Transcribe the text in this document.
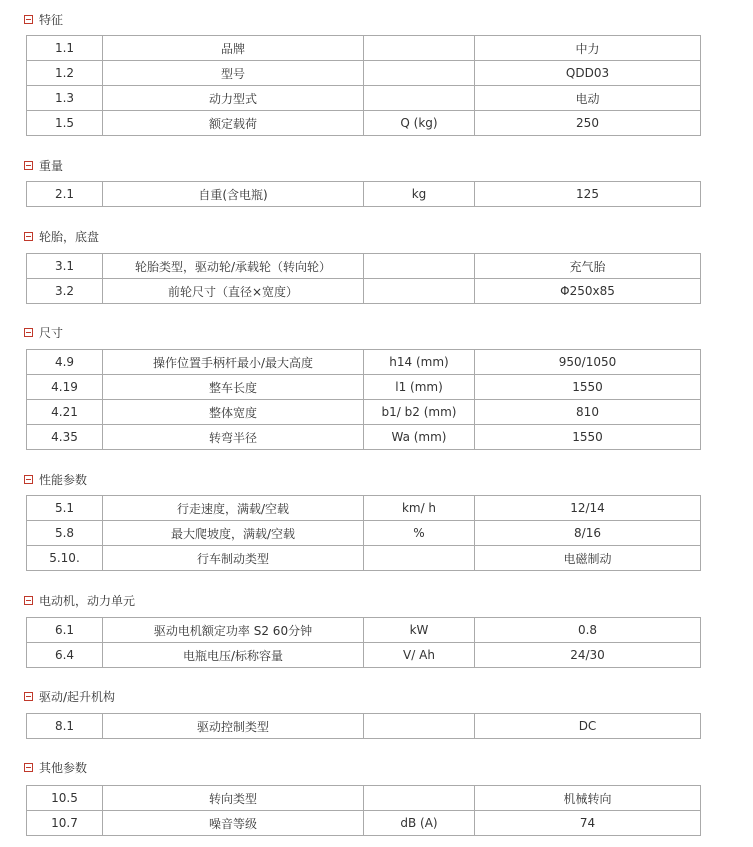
特征
1.1	品牌		中力
1.2	型号		QDD03
1.3	动力型式		电动
1.5	额定载荷	Q (kg)	250
重量
2.1	自重(含电瓶)	kg	125
轮胎，底盘
3.1	轮胎类型，驱动轮/承载轮（转向轮）		充气胎
3.2	前轮尺寸（直径×宽度）		Φ250x85
尺寸
4.9	操作位置手柄杆最小/最大高度	h14 (mm)	950/1050
4.19	整车长度	l1 (mm)	1550
4.21	整体宽度	b1/ b2 (mm)	810
4.35	转弯半径	Wa (mm)	1550
性能参数
5.1	行走速度，满载/空载	km/ h	12/14
5.8	最大爬坡度，满载/空载	%	8/16
5.10.	行车制动类型		电磁制动
电动机，动力单元
6.1	驱动电机额定功率 S2 60分钟	kW	0.8
6.4	电瓶电压/标称容量	V/ Ah	24/30
驱动/起升机构
8.1	驱动控制类型		DC
其他参数
10.5	转向类型		机械转向
10.7	噪音等级	dB (A)	74
